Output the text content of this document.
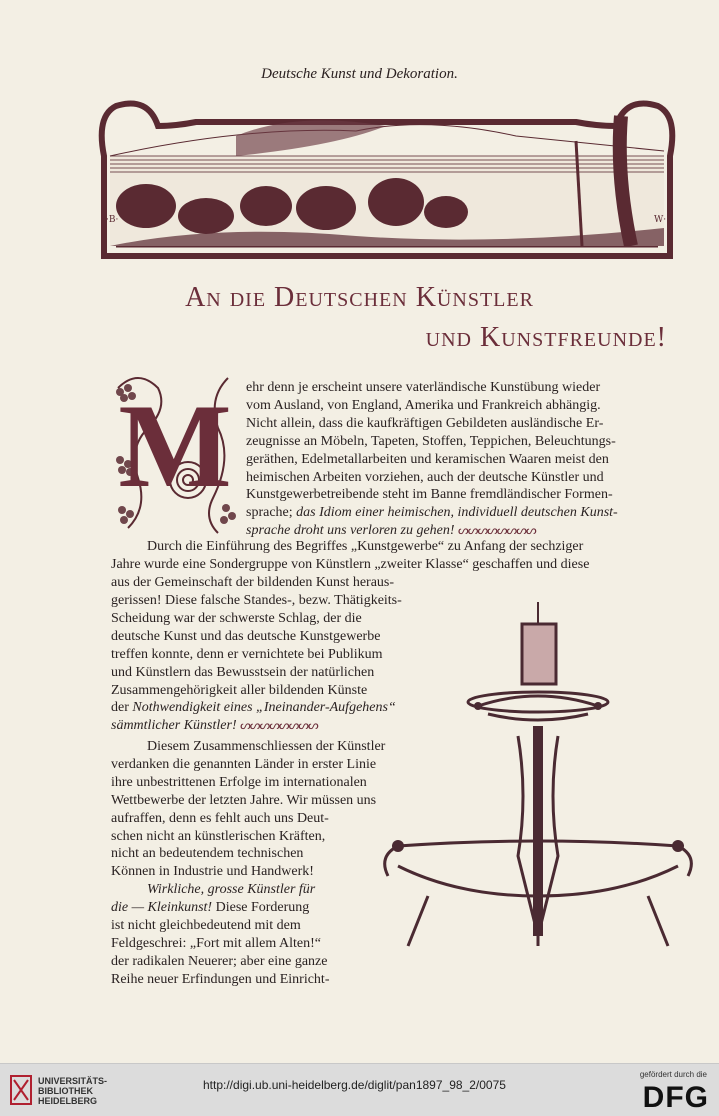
Deutsche Kunst und Dekoration.
·B·	W·
An die Deutschen Künstler
und Kunstfreunde!
M ehr denn je erscheint unsere vaterländische Kunstübung wieder
vom Ausland, von England, Amerika und Frankreich abhängig.
Nicht allein, dass die kaufkräftigen Gebildeten ausländische Er-
zeugnisse an Möbeln, Tapeten, Stoffen, Teppichen, Beleuchtungs-
geräthen, Edelmetallarbeiten und keramischen Waaren meist den
heimischen Arbeiten vorziehen, auch der deutsche Künstler und
Kunstgewerbetreibende steht im Banne fremdländischer Formen-
sprache; das Idiom einer heimischen, individuell deutschen Kunst-
sprache droht uns verloren zu gehen! ᔕᔕᔕᔕᔕᔕᔕᔕ
Durch die Einführung des Begriffes „Kunstgewerbe“ zu Anfang der sechziger
Jahre wurde eine Sondergruppe von Künstlern „zweiter Klasse“ geschaffen und diese
aus der Gemeinschaft der bildenden Kunst heraus-
gerissen! Diese falsche Standes-, bezw. Thätigkeits-
Scheidung war der schwerste Schlag, der die
deutsche Kunst und das deutsche Kunstgewerbe
treffen konnte, denn er vernichtete bei Publikum
und Künstlern das Bewusstsein der natürlichen
Zusammengehörigkeit aller bildenden Künste
der Nothwendigkeit eines „Ineinander-Aufgehens“
sämmtlicher Künstler! ᔕᔕᔕᔕᔕᔕᔕᔕ
Diesem Zusammenschliessen der Künstler
verdanken die genannten Länder in erster Linie
ihre unbestrittenen Erfolge im internationalen
Wettbewerbe der letzten Jahre. Wir müssen uns
aufraffen, denn es fehlt auch uns Deut-
schen nicht an künstlerischen Kräften,
nicht an bedeutendem technischen
Können in Industrie und Handwerk!
Wirkliche, grosse Künstler für
die — Kleinkunst! Diese Forderung
ist nicht gleichbedeutend mit dem
Feldgeschrei: „Fort mit allem Alten!“
der radikalen Neuerer; aber eine ganze
Reihe neuer Erfindungen und Einricht-
UNIVERSITÄTS-
BIBLIOTHEK
HEIDELBERG
http://digi.ub.uni-heidelberg.de/diglit/pan1897_98_2/0075
gefördert durch die
DFG
